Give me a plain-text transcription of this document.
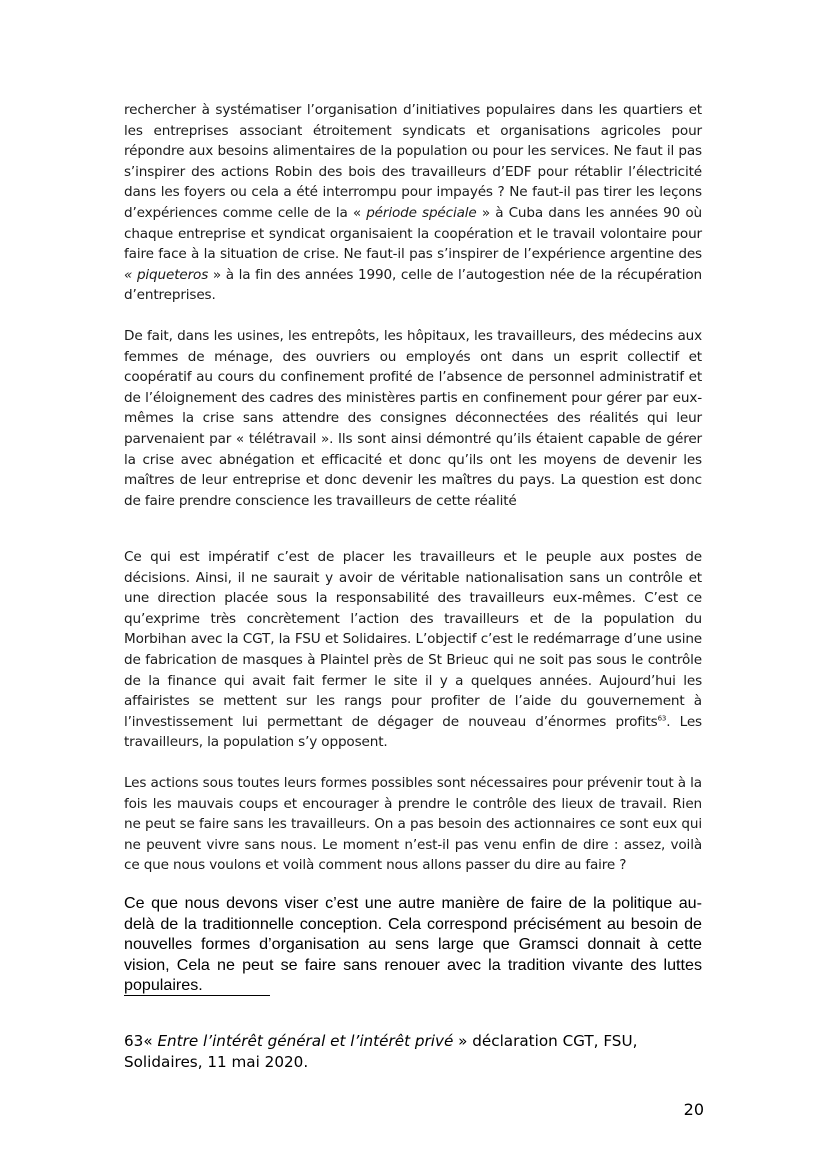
rechercher à systématiser l’organisation d’initiatives populaires dans les quartiers et les entreprises associant étroitement syndicats et organisations agricoles pour répondre aux besoins alimentaires de la population ou pour les services. Ne faut il pas s’inspirer des actions Robin des bois des travailleurs d’EDF pour rétablir l’électricité dans les foyers ou cela a été interrompu pour impayés ? Ne faut-il pas tirer les leçons d’expériences comme celle de la « période spéciale » à Cuba dans les années 90 où chaque entreprise et syndicat organisaient la coopération et le travail volontaire pour faire face à la situation de crise. Ne faut-il pas s’inspirer de l’expérience argentine des « piqueteros » à la fin des années 1990, celle de l’autogestion née de la récupération d’entreprises.

De fait, dans les usines, les entrepôts, les hôpitaux, les travailleurs, des médecins aux femmes de ménage, des ouvriers ou employés ont dans un esprit collectif et coopératif au cours du confinement profité de l’absence de personnel administratif et de l’éloignement des cadres des ministères partis en confinement pour gérer par eux-mêmes la crise sans attendre des consignes déconnectées des réalités qui leur parvenaient par « télétravail ». Ils sont ainsi démontré qu’ils étaient capable de gérer la crise avec abnégation et efficacité et donc qu’ils ont les moyens de devenir les maîtres de leur entreprise et donc devenir les maîtres du pays. La question est donc de faire prendre conscience les travailleurs de cette réalité

Ce qui est impératif c’est de placer les travailleurs et le peuple aux postes de décisions. Ainsi, il ne saurait y avoir de véritable nationalisation sans un contrôle et une direction placée sous la responsabilité des travailleurs eux-mêmes. C’est ce qu’exprime très concrètement l’action des travailleurs et de la population du Morbihan avec la CGT, la FSU et Solidaires. L’objectif c’est le redémarrage d’une usine de fabrication de masques à Plaintel près de St Brieuc qui ne soit pas sous le contrôle de la finance qui avait fait fermer le site il y a quelques années. Aujourd’hui les affairistes se mettent sur les rangs pour profiter de l’aide du gouvernement à l’investissement lui permettant de dégager de nouveau d’énormes profits$^{63}$. Les travailleurs, la population s’y opposent.

Les actions sous toutes leurs formes possibles sont nécessaires pour prévenir tout à la fois les mauvais coups et encourager à prendre le contrôle des lieux de travail. Rien ne peut se faire sans les travailleurs. On a pas besoin des actionnaires ce sont eux qui ne peuvent vivre sans nous. Le moment n’est-il pas venu enfin de dire : assez, voilà ce que nous voulons et voilà comment nous allons passer du dire au faire ?

Ce que nous devons viser c’est une autre manière de faire de la politique au-delà de la traditionnelle conception. Cela correspond précisément au besoin de nouvelles formes d’organisation au sens large que Gramsci donnait à cette vision, Cela ne peut se faire sans renouer avec la tradition vivante des luttes populaires.

63« Entre l’intérêt général et l’intérêt privé » déclaration CGT, FSU, Solidaires, 11 mai 2020.

20
